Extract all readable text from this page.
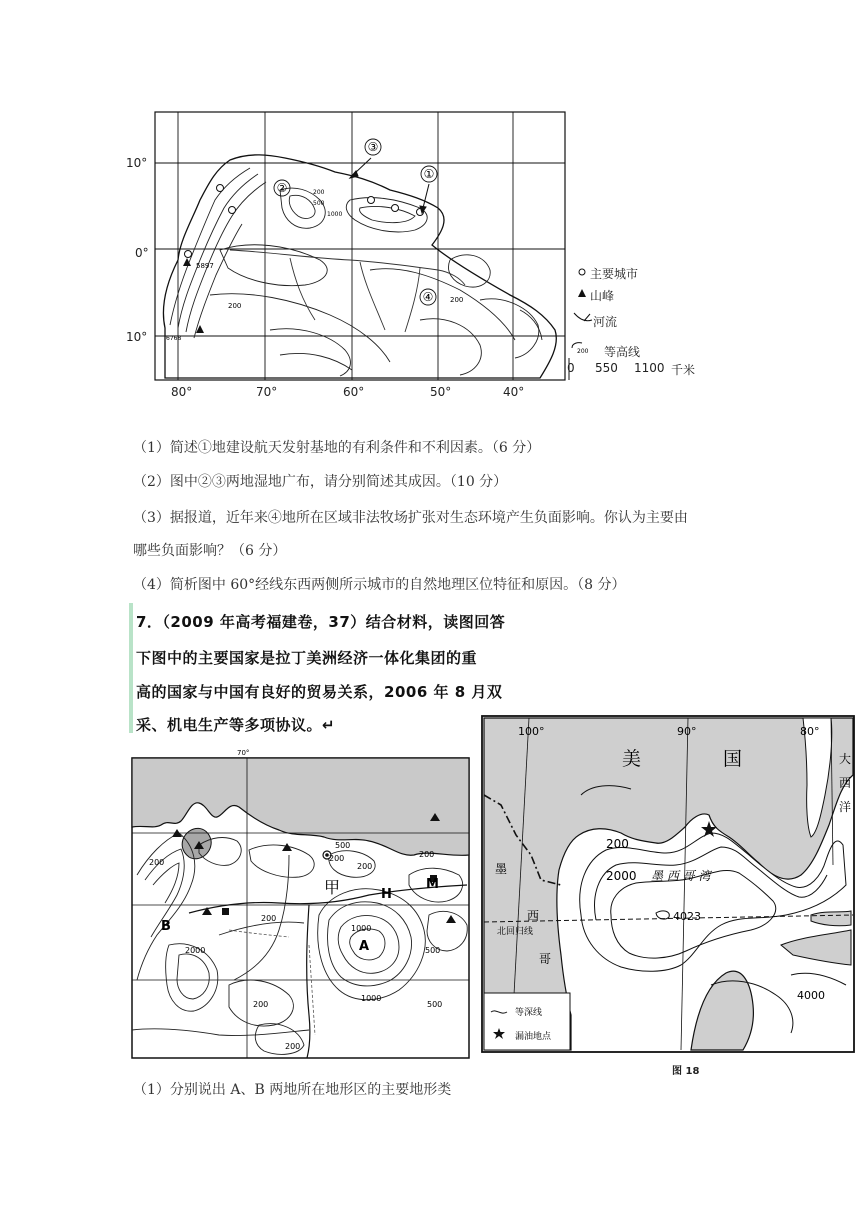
③
①
②
④
200
500
1000
200
200
5897
6768
200
10°
0°
10°
80°	70°	60°	50°	40°
主要城市
山峰
河流
等高线
0 550 1100 千米
（1）简述①地建设航天发射基地的有利条件和不利因素。（6 分）
（2）图中②③两地湿地广布，请分别简述其成因。（10 分）
（3）据报道，近年来④地所在区域非法牧场扩张对生态环境产生负面影响。你认为主要由
哪些负面影响？（6 分）
（4）简析图中 60°经线东西两侧所示城市的自然地理区位特征和原因。（8 分）
7．（2009 年高考福建卷，37）结合材料，读图回答
下图中的主要国家是拉丁美洲经济一体化集团的重
高的国家与中国有良好的贸易关系，2006 年 8 月双
采、机电生产等多项协议。↵
70°
甲	H
M
A
B
200
500
200
200
1000
500
200
2000
1000
200	500
200
200
100°	90°	80°
美	国
墨
西
哥
大
西
洋
墨 西 哥 湾
200
2000
4023
4000
北回归线
等深线
漏油地点
图 18
（1）分别说出 A、B 两地所在地形区的主要地形类
